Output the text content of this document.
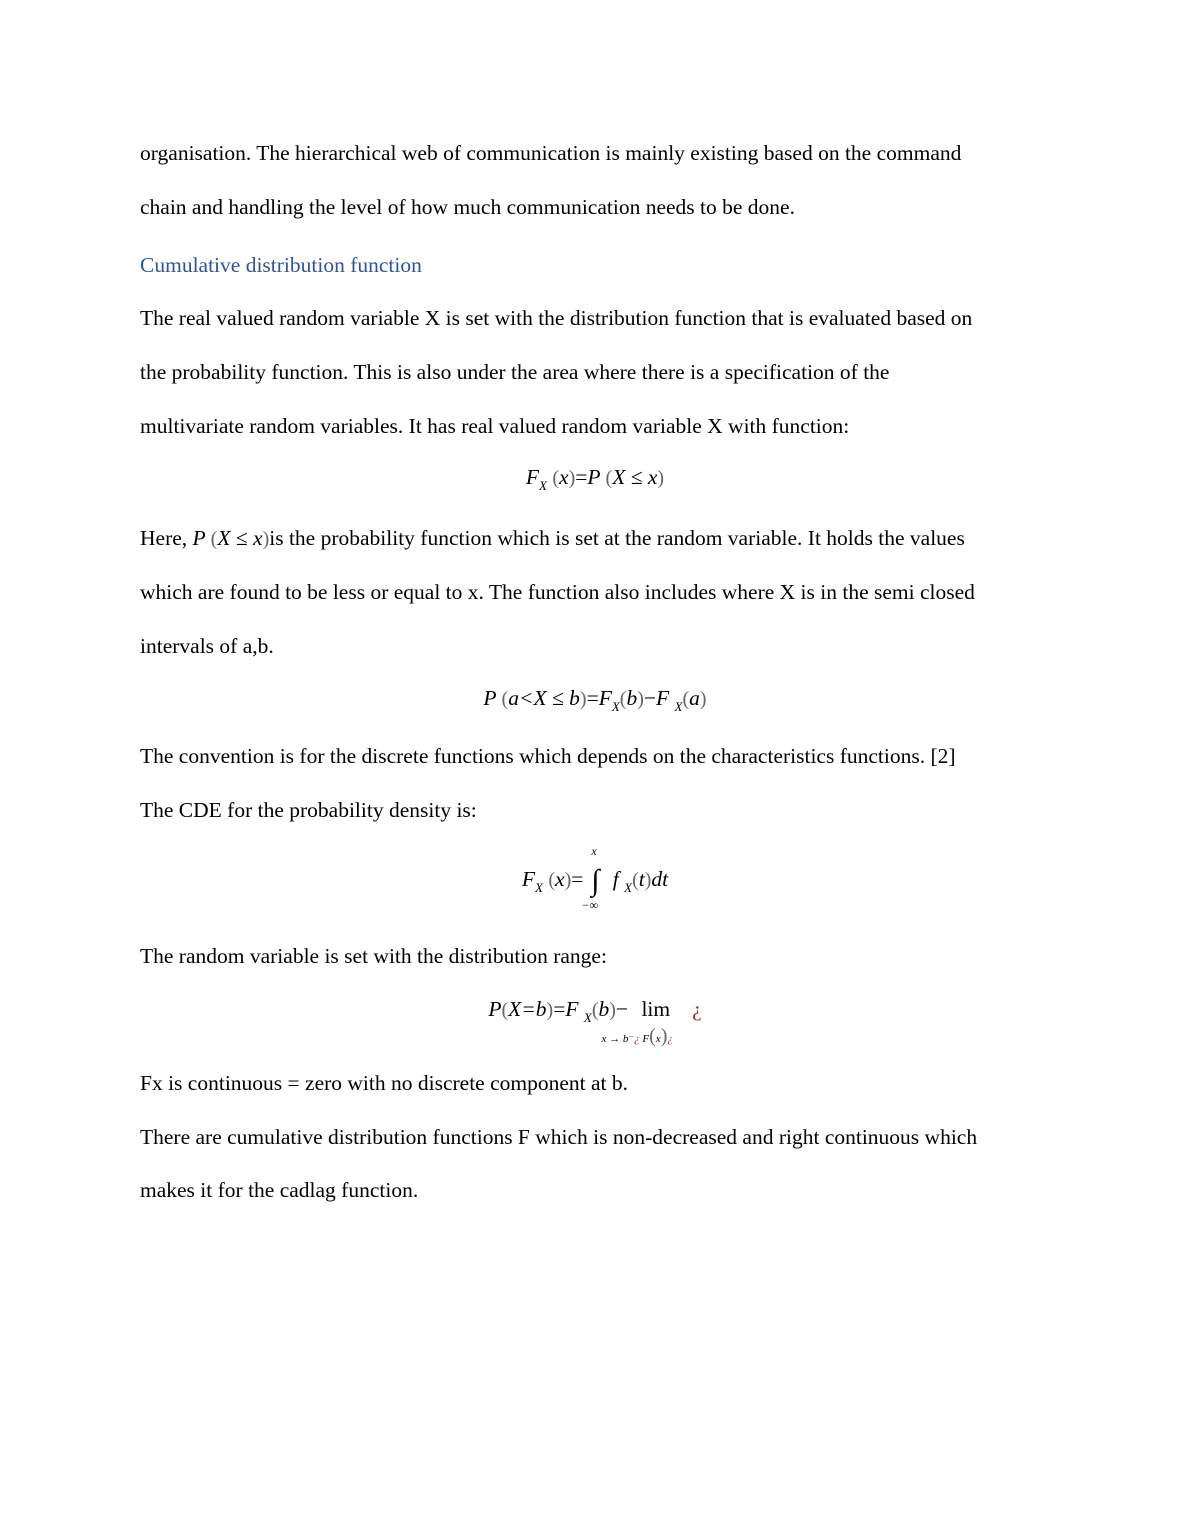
organisation. The hierarchical web of communication is mainly existing based on the command
chain and handling the level of how much communication needs to be done.
Cumulative distribution function
The real valued random variable X is set with the distribution function that is evaluated based on
the probability function. This is also under the area where there is a specification of the
multivariate random variables. It has real valued random variable X with function:
$F_X$ (x)=P (X ≤ x)
Here, P (X ≤ x)is the probability function which is set at the random variable. It holds the values
which are found to be less or equal to x. The function also includes where X is in the semi closed
intervals of a,b.
P $(a<X \le b)=F_X(b)-F$ $_X$(a)
The convention is for the discrete functions which depends on the characteristics functions. [2]
The CDE for the probability density is:
$F_X$ (x)=
x
∫
−∞
f $_X$(t)dt
The random variable is set with the distribution range:
P(X=b)=F $_X$(b)− lim
x → b⁻¿ F(x)¿
¿
Fx is continuous = zero with no discrete component at b.
There are cumulative distribution functions F which is non-decreased and right continuous which
makes it for the cadlag function.
